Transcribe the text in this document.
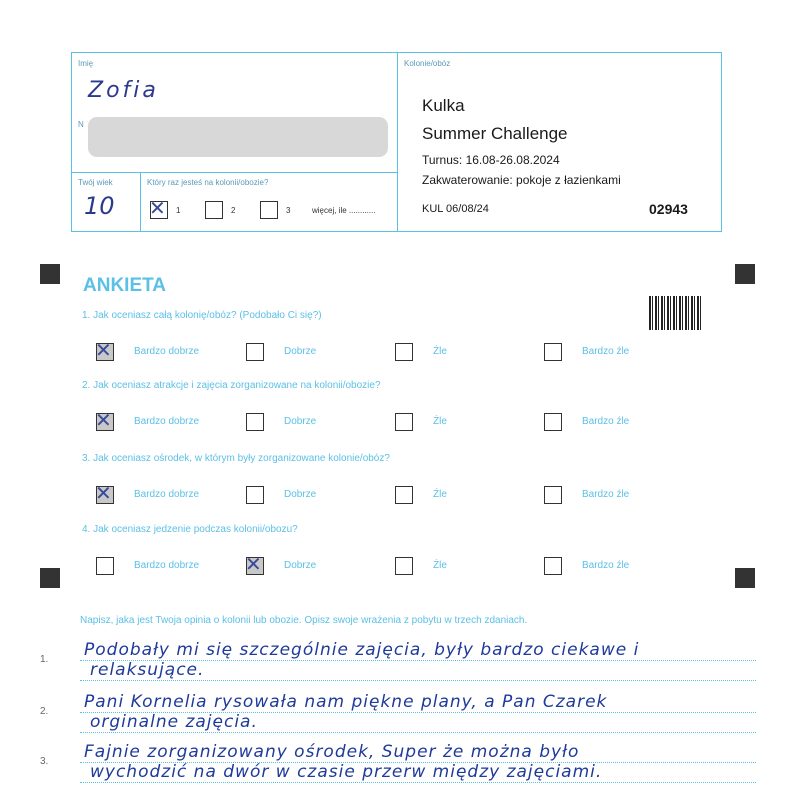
Imię
Zofia
N
Twój wiek
10
Który raz jesteś na kolonii/obozie?
✕ 1	2	3	więcej, ile ............
Kolonie/obóz
Kulka
Summer Challenge
Turnus: 16.08-26.08.2024
Zakwaterowanie: pokoje z łazienkami
KUL 06/08/24	02943
ANKIETA
1. Jak oceniasz całą kolonię/obóz? (Podobało Ci się?)
✕ Bardzo dobrze	Dobrze	Źle	Bardzo źle
2. Jak oceniasz atrakcje i zajęcia zorganizowane na kolonii/obozie?
✕ Bardzo dobrze	Dobrze	Źle	Bardzo źle
3. Jak oceniasz ośrodek, w którym były zorganizowane kolonie/obóz?
✕ Bardzo dobrze	Dobrze	Źle	Bardzo źle
4. Jak oceniasz jedzenie podczas kolonii/obozu?
Bardzo dobrze ✕ Dobrze	Źle	Bardzo źle
Napisz, jaka jest Twoja opinia o kolonii lub obozie. Opisz swoje wrażenia z pobytu w trzech zdaniach.
1. Podobały mi się szczególnie zajęcia, były bardzo ciekawe i
relaksujące.
2. Pani Kornelia rysowała nam piękne plany, a Pan Czarek
orginalne zajęcia.
3. Fajnie zorganizowany ośrodek, Super że można było
wychodzić na dwór w czasie przerw między zajęciami.
